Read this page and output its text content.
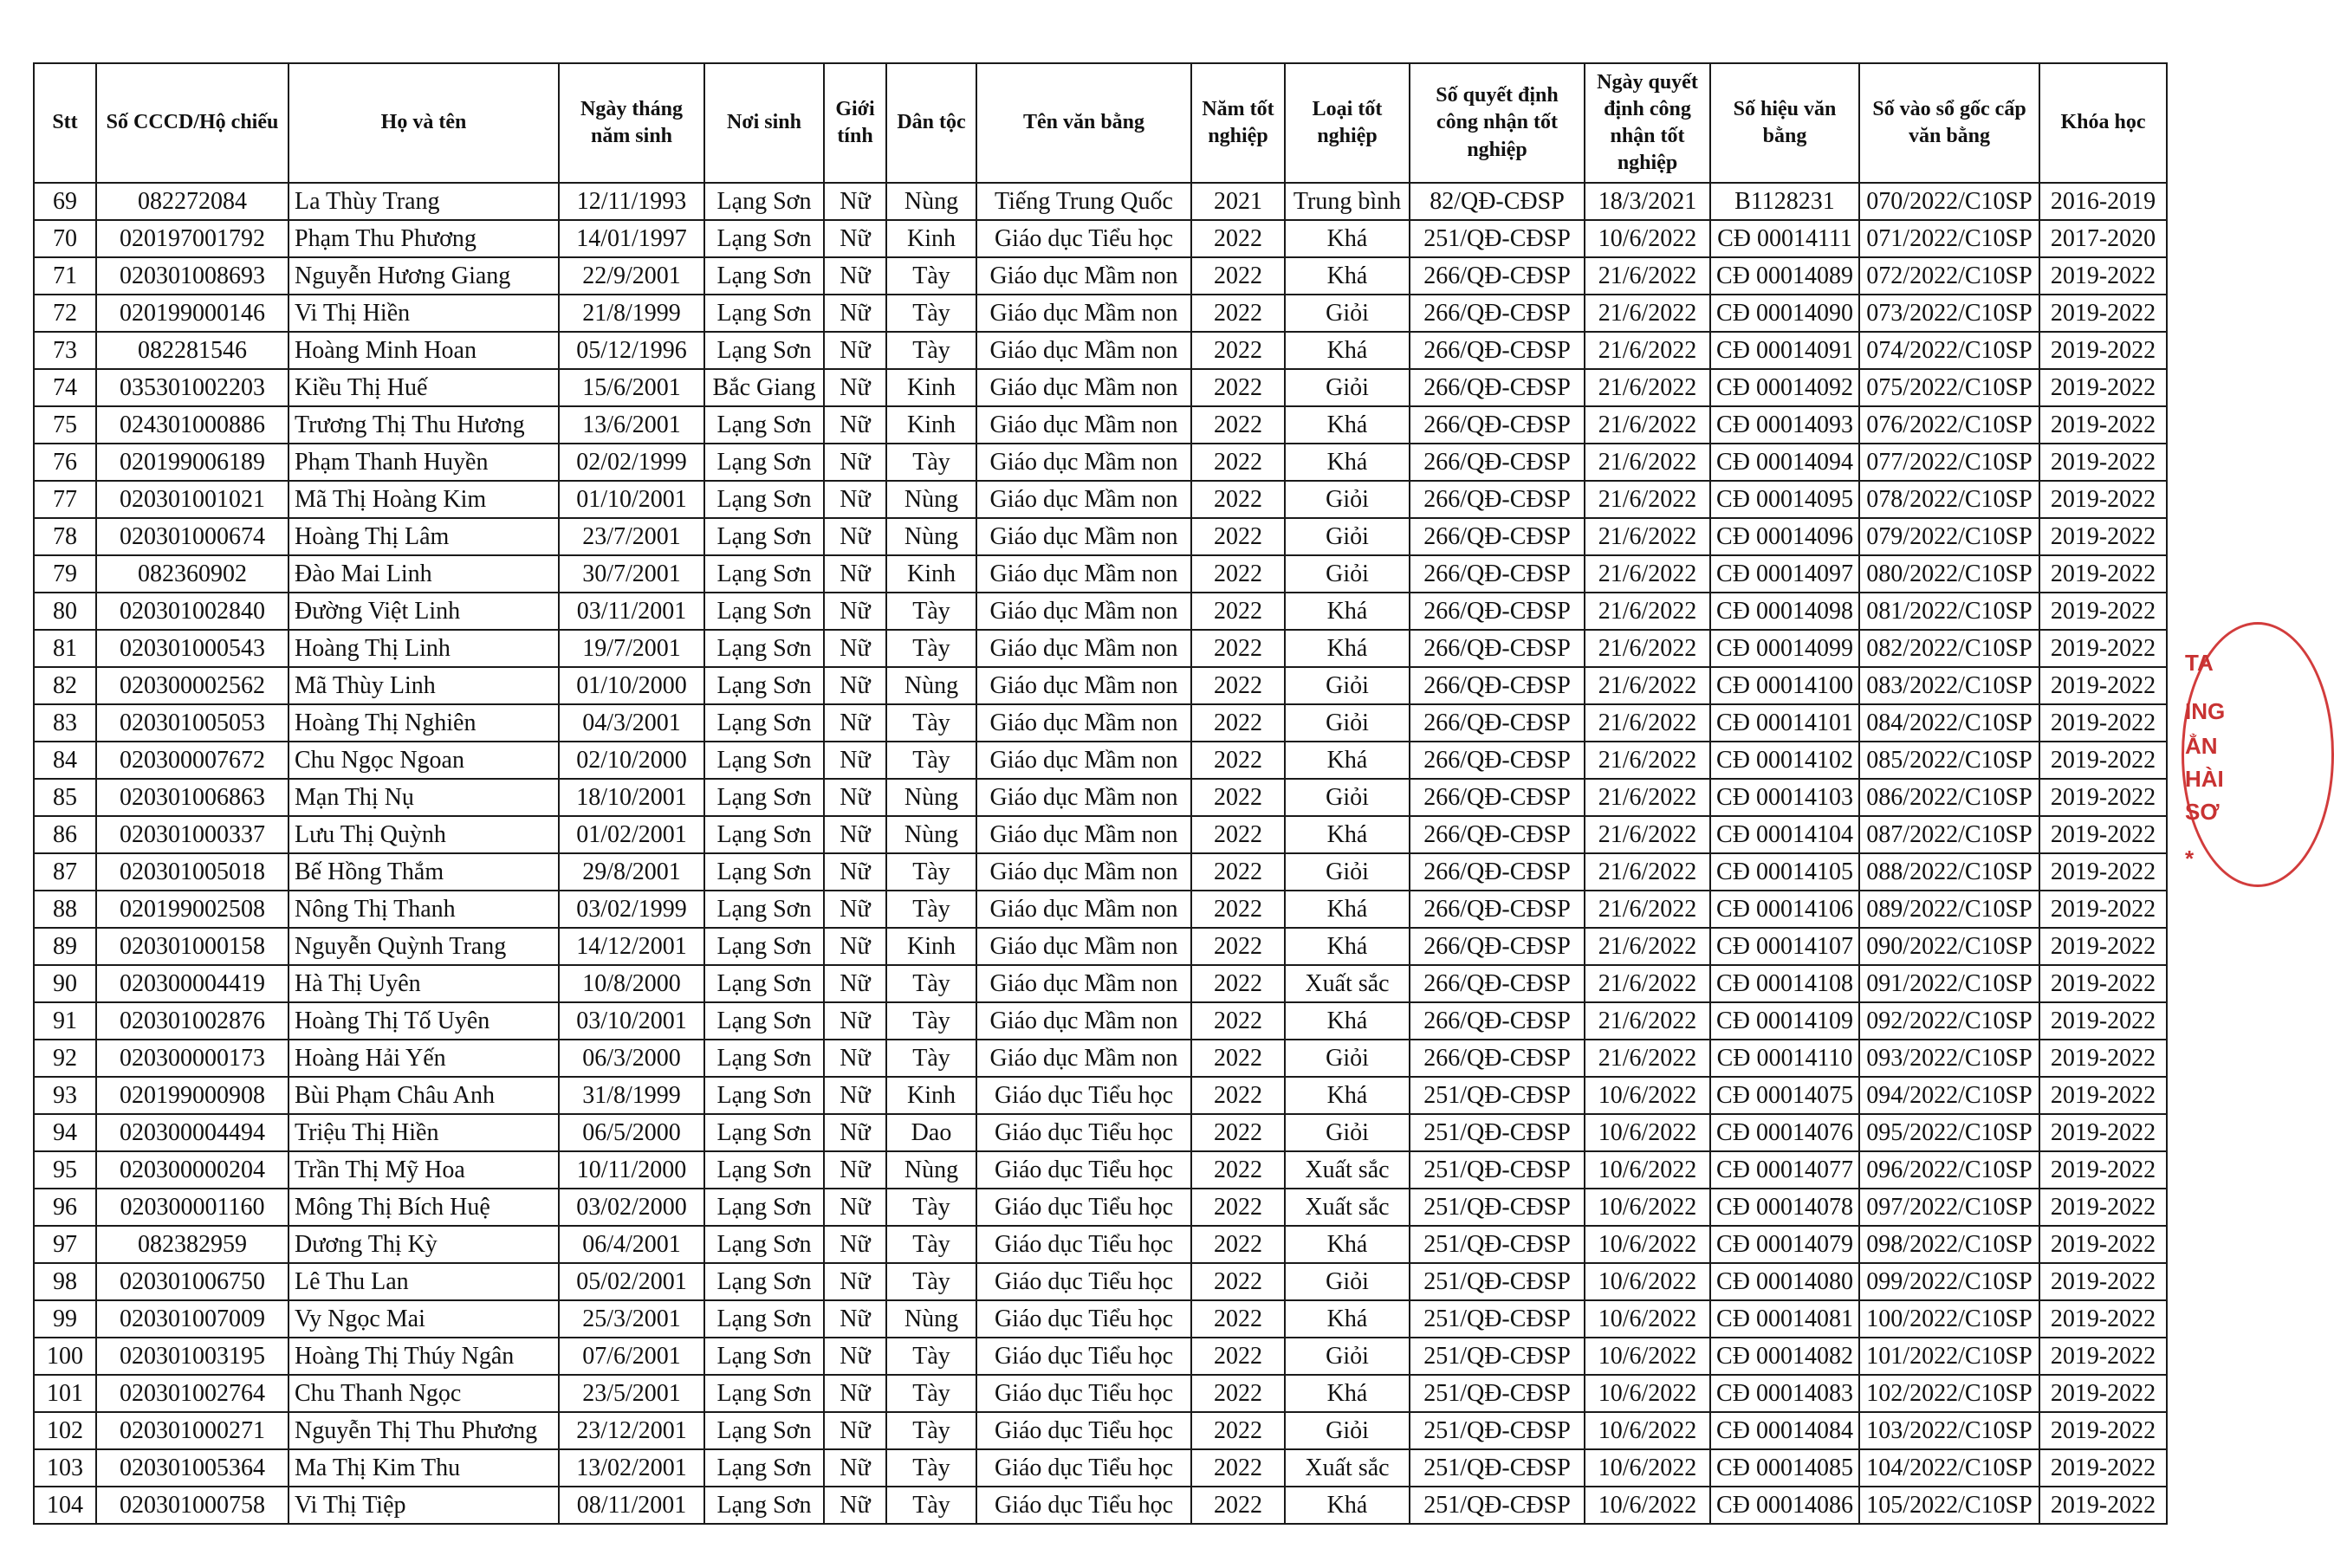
Stt	Số CCCD/Hộ chiếu	Họ và tên	Ngày tháng năm sinh	Nơi sinh	Giới tính	Dân tộc	Tên văn bằng	Năm tốt nghiệp	Loại tốt nghiệp	Số quyết định công nhận tốt nghiệp	Ngày quyết định công nhận tốt nghiệp	Số hiệu văn bằng	Số vào sổ gốc cấp văn bằng	Khóa học
69	082272084	La Thùy Trang	12/11/1993	Lạng Sơn	Nữ	Nùng	Tiếng Trung Quốc	2021	Trung bình	82/QĐ-CĐSP	18/3/2021	B1128231	070/2022/C10SP	2016-2019
70	020197001792	Phạm Thu Phương	14/01/1997	Lạng Sơn	Nữ	Kinh	Giáo dục Tiểu học	2022	Khá	251/QĐ-CĐSP	10/6/2022	CĐ 00014111	071/2022/C10SP	2017-2020
71	020301008693	Nguyễn Hương Giang	22/9/2001	Lạng Sơn	Nữ	Tày	Giáo dục Mầm non	2022	Khá	266/QĐ-CĐSP	21/6/2022	CĐ 00014089	072/2022/C10SP	2019-2022
72	020199000146	Vi Thị Hiền	21/8/1999	Lạng Sơn	Nữ	Tày	Giáo dục Mầm non	2022	Giỏi	266/QĐ-CĐSP	21/6/2022	CĐ 00014090	073/2022/C10SP	2019-2022
73	082281546	Hoàng Minh Hoan	05/12/1996	Lạng Sơn	Nữ	Tày	Giáo dục Mầm non	2022	Khá	266/QĐ-CĐSP	21/6/2022	CĐ 00014091	074/2022/C10SP	2019-2022
74	035301002203	Kiều Thị Huế	15/6/2001	Bắc Giang	Nữ	Kinh	Giáo dục Mầm non	2022	Giỏi	266/QĐ-CĐSP	21/6/2022	CĐ 00014092	075/2022/C10SP	2019-2022
75	024301000886	Trương Thị Thu Hương	13/6/2001	Lạng Sơn	Nữ	Kinh	Giáo dục Mầm non	2022	Khá	266/QĐ-CĐSP	21/6/2022	CĐ 00014093	076/2022/C10SP	2019-2022
76	020199006189	Phạm Thanh Huyền	02/02/1999	Lạng Sơn	Nữ	Tày	Giáo dục Mầm non	2022	Khá	266/QĐ-CĐSP	21/6/2022	CĐ 00014094	077/2022/C10SP	2019-2022
77	020301001021	Mã Thị Hoàng Kim	01/10/2001	Lạng Sơn	Nữ	Nùng	Giáo dục Mầm non	2022	Giỏi	266/QĐ-CĐSP	21/6/2022	CĐ 00014095	078/2022/C10SP	2019-2022
78	020301000674	Hoàng Thị Lâm	23/7/2001	Lạng Sơn	Nữ	Nùng	Giáo dục Mầm non	2022	Giỏi	266/QĐ-CĐSP	21/6/2022	CĐ 00014096	079/2022/C10SP	2019-2022
79	082360902	Đào Mai Linh	30/7/2001	Lạng Sơn	Nữ	Kinh	Giáo dục Mầm non	2022	Giỏi	266/QĐ-CĐSP	21/6/2022	CĐ 00014097	080/2022/C10SP	2019-2022
80	020301002840	Đường Việt Linh	03/11/2001	Lạng Sơn	Nữ	Tày	Giáo dục Mầm non	2022	Khá	266/QĐ-CĐSP	21/6/2022	CĐ 00014098	081/2022/C10SP	2019-2022
81	020301000543	Hoàng Thị Linh	19/7/2001	Lạng Sơn	Nữ	Tày	Giáo dục Mầm non	2022	Khá	266/QĐ-CĐSP	21/6/2022	CĐ 00014099	082/2022/C10SP	2019-2022
82	020300002562	Mã Thùy Linh	01/10/2000	Lạng Sơn	Nữ	Nùng	Giáo dục Mầm non	2022	Giỏi	266/QĐ-CĐSP	21/6/2022	CĐ 00014100	083/2022/C10SP	2019-2022
83	020301005053	Hoàng Thị Nghiên	04/3/2001	Lạng Sơn	Nữ	Tày	Giáo dục Mầm non	2022	Giỏi	266/QĐ-CĐSP	21/6/2022	CĐ 00014101	084/2022/C10SP	2019-2022
84	020300007672	Chu Ngọc Ngoan	02/10/2000	Lạng Sơn	Nữ	Tày	Giáo dục Mầm non	2022	Khá	266/QĐ-CĐSP	21/6/2022	CĐ 00014102	085/2022/C10SP	2019-2022
85	020301006863	Mạn Thị Nụ	18/10/2001	Lạng Sơn	Nữ	Nùng	Giáo dục Mầm non	2022	Giỏi	266/QĐ-CĐSP	21/6/2022	CĐ 00014103	086/2022/C10SP	2019-2022
86	020301000337	Lưu Thị Quỳnh	01/02/2001	Lạng Sơn	Nữ	Nùng	Giáo dục Mầm non	2022	Khá	266/QĐ-CĐSP	21/6/2022	CĐ 00014104	087/2022/C10SP	2019-2022
87	020301005018	Bế Hồng Thắm	29/8/2001	Lạng Sơn	Nữ	Tày	Giáo dục Mầm non	2022	Giỏi	266/QĐ-CĐSP	21/6/2022	CĐ 00014105	088/2022/C10SP	2019-2022
88	020199002508	Nông Thị Thanh	03/02/1999	Lạng Sơn	Nữ	Tày	Giáo dục Mầm non	2022	Khá	266/QĐ-CĐSP	21/6/2022	CĐ 00014106	089/2022/C10SP	2019-2022
89	020301000158	Nguyễn Quỳnh Trang	14/12/2001	Lạng Sơn	Nữ	Kinh	Giáo dục Mầm non	2022	Khá	266/QĐ-CĐSP	21/6/2022	CĐ 00014107	090/2022/C10SP	2019-2022
90	020300004419	Hà Thị Uyên	10/8/2000	Lạng Sơn	Nữ	Tày	Giáo dục Mầm non	2022	Xuất sắc	266/QĐ-CĐSP	21/6/2022	CĐ 00014108	091/2022/C10SP	2019-2022
91	020301002876	Hoàng Thị Tố Uyên	03/10/2001	Lạng Sơn	Nữ	Tày	Giáo dục Mầm non	2022	Khá	266/QĐ-CĐSP	21/6/2022	CĐ 00014109	092/2022/C10SP	2019-2022
92	020300000173	Hoàng Hải Yến	06/3/2000	Lạng Sơn	Nữ	Tày	Giáo dục Mầm non	2022	Giỏi	266/QĐ-CĐSP	21/6/2022	CĐ 00014110	093/2022/C10SP	2019-2022
93	020199000908	Bùi Phạm Châu Anh	31/8/1999	Lạng Sơn	Nữ	Kinh	Giáo dục Tiểu học	2022	Khá	251/QĐ-CĐSP	10/6/2022	CĐ 00014075	094/2022/C10SP	2019-2022
94	020300004494	Triệu Thị Hiền	06/5/2000	Lạng Sơn	Nữ	Dao	Giáo dục Tiểu học	2022	Giỏi	251/QĐ-CĐSP	10/6/2022	CĐ 00014076	095/2022/C10SP	2019-2022
95	020300000204	Trần Thị Mỹ Hoa	10/11/2000	Lạng Sơn	Nữ	Nùng	Giáo dục Tiểu học	2022	Xuất sắc	251/QĐ-CĐSP	10/6/2022	CĐ 00014077	096/2022/C10SP	2019-2022
96	020300001160	Mông Thị Bích Huệ	03/02/2000	Lạng Sơn	Nữ	Tày	Giáo dục Tiểu học	2022	Xuất sắc	251/QĐ-CĐSP	10/6/2022	CĐ 00014078	097/2022/C10SP	2019-2022
97	082382959	Dương Thị Kỳ	06/4/2001	Lạng Sơn	Nữ	Tày	Giáo dục Tiểu học	2022	Khá	251/QĐ-CĐSP	10/6/2022	CĐ 00014079	098/2022/C10SP	2019-2022
98	020301006750	Lê Thu Lan	05/02/2001	Lạng Sơn	Nữ	Tày	Giáo dục Tiểu học	2022	Giỏi	251/QĐ-CĐSP	10/6/2022	CĐ 00014080	099/2022/C10SP	2019-2022
99	020301007009	Vy Ngọc Mai	25/3/2001	Lạng Sơn	Nữ	Nùng	Giáo dục Tiểu học	2022	Khá	251/QĐ-CĐSP	10/6/2022	CĐ 00014081	100/2022/C10SP	2019-2022
100	020301003195	Hoàng Thị Thúy Ngân	07/6/2001	Lạng Sơn	Nữ	Tày	Giáo dục Tiểu học	2022	Giỏi	251/QĐ-CĐSP	10/6/2022	CĐ 00014082	101/2022/C10SP	2019-2022
101	020301002764	Chu Thanh Ngọc	23/5/2001	Lạng Sơn	Nữ	Tày	Giáo dục Tiểu học	2022	Khá	251/QĐ-CĐSP	10/6/2022	CĐ 00014083	102/2022/C10SP	2019-2022
102	020301000271	Nguyễn Thị Thu Phương	23/12/2001	Lạng Sơn	Nữ	Tày	Giáo dục Tiểu học	2022	Giỏi	251/QĐ-CĐSP	10/6/2022	CĐ 00014084	103/2022/C10SP	2019-2022
103	020301005364	Ma Thị Kim Thu	13/02/2001	Lạng Sơn	Nữ	Tày	Giáo dục Tiểu học	2022	Xuất sắc	251/QĐ-CĐSP	10/6/2022	CĐ 00014085	104/2022/C10SP	2019-2022
104	020301000758	Vi Thị Tiệp	08/11/2001	Lạng Sơn	Nữ	Tày	Giáo dục Tiểu học	2022	Khá	251/QĐ-CĐSP	10/6/2022	CĐ 00014086	105/2022/C10SP	2019-2022
TA
ING
ẲN
HÀI
SƠ
*
